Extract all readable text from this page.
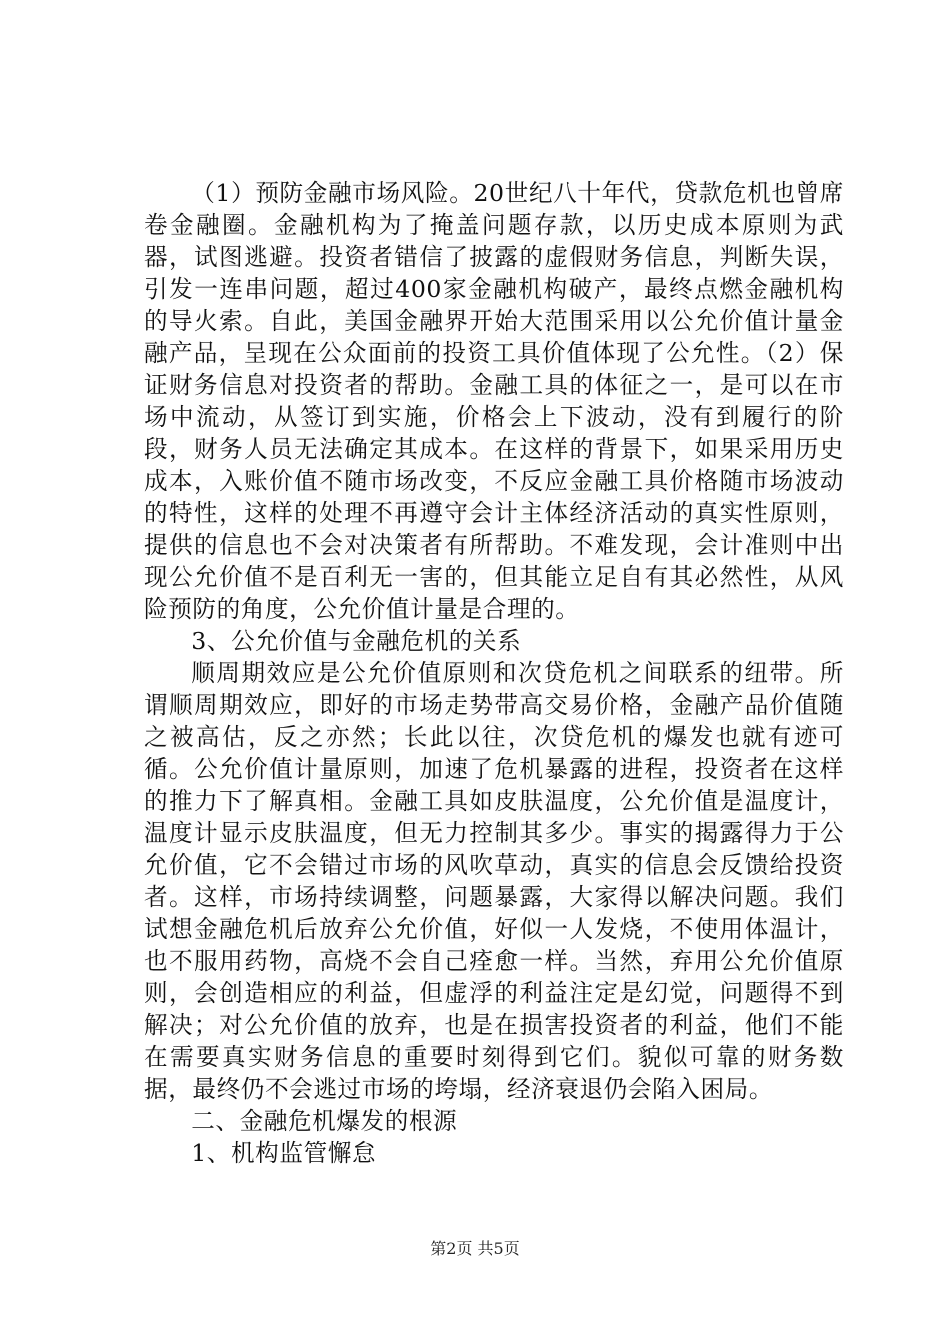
（1）预防金融市场风险。20世纪八十年代，贷款危机也曾席卷金融圈。金融机构为了掩盖问题存款，以历史成本原则为武器，试图逃避。投资者错信了披露的虚假财务信息，判断失误，引发一连串问题，超过400家金融机构破产，最终点燃金融机构的导火索。自此，美国金融界开始大范围采用以公允价值计量金融产品，呈现在公众面前的投资工具价值体现了公允性。（2）保证财务信息对投资者的帮助。金融工具的体征之一，是可以在市场中流动，从签订到实施，价格会上下波动，没有到履行的阶段，财务人员无法确定其成本。在这样的背景下，如果采用历史成本，入账价值不随市场改变，不反应金融工具价格随市场波动的特性，这样的处理不再遵守会计主体经济活动的真实性原则，提供的信息也不会对决策者有所帮助。不难发现，会计准则中出现公允价值不是百利无一害的，但其能立足自有其必然性，从风险预防的角度，公允价值计量是合理的。

3、公允价值与金融危机的关系

顺周期效应是公允价值原则和次贷危机之间联系的纽带。所谓顺周期效应，即好的市场走势带高交易价格，金融产品价值随之被高估，反之亦然；长此以往，次贷危机的爆发也就有迹可循。公允价值计量原则，加速了危机暴露的进程，投资者在这样的推力下了解真相。金融工具如皮肤温度，公允价值是温度计，温度计显示皮肤温度，但无力控制其多少。事实的揭露得力于公允价值，它不会错过市场的风吹草动，真实的信息会反馈给投资者。这样，市场持续调整，问题暴露，大家得以解决问题。我们试想金融危机后放弃公允价值，好似一人发烧，不使用体温计，也不服用药物，高烧不会自己痊愈一样。当然，弃用公允价值原则，会创造相应的利益，但虚浮的利益注定是幻觉，问题得不到解决；对公允价值的放弃，也是在损害投资者的利益，他们不能在需要真实财务信息的重要时刻得到它们。貌似可靠的财务数据，最终仍不会逃过市场的垮塌，经济衰退仍会陷入困局。

二、金融危机爆发的根源

1、机构监管懈怠

第2页 共5页
